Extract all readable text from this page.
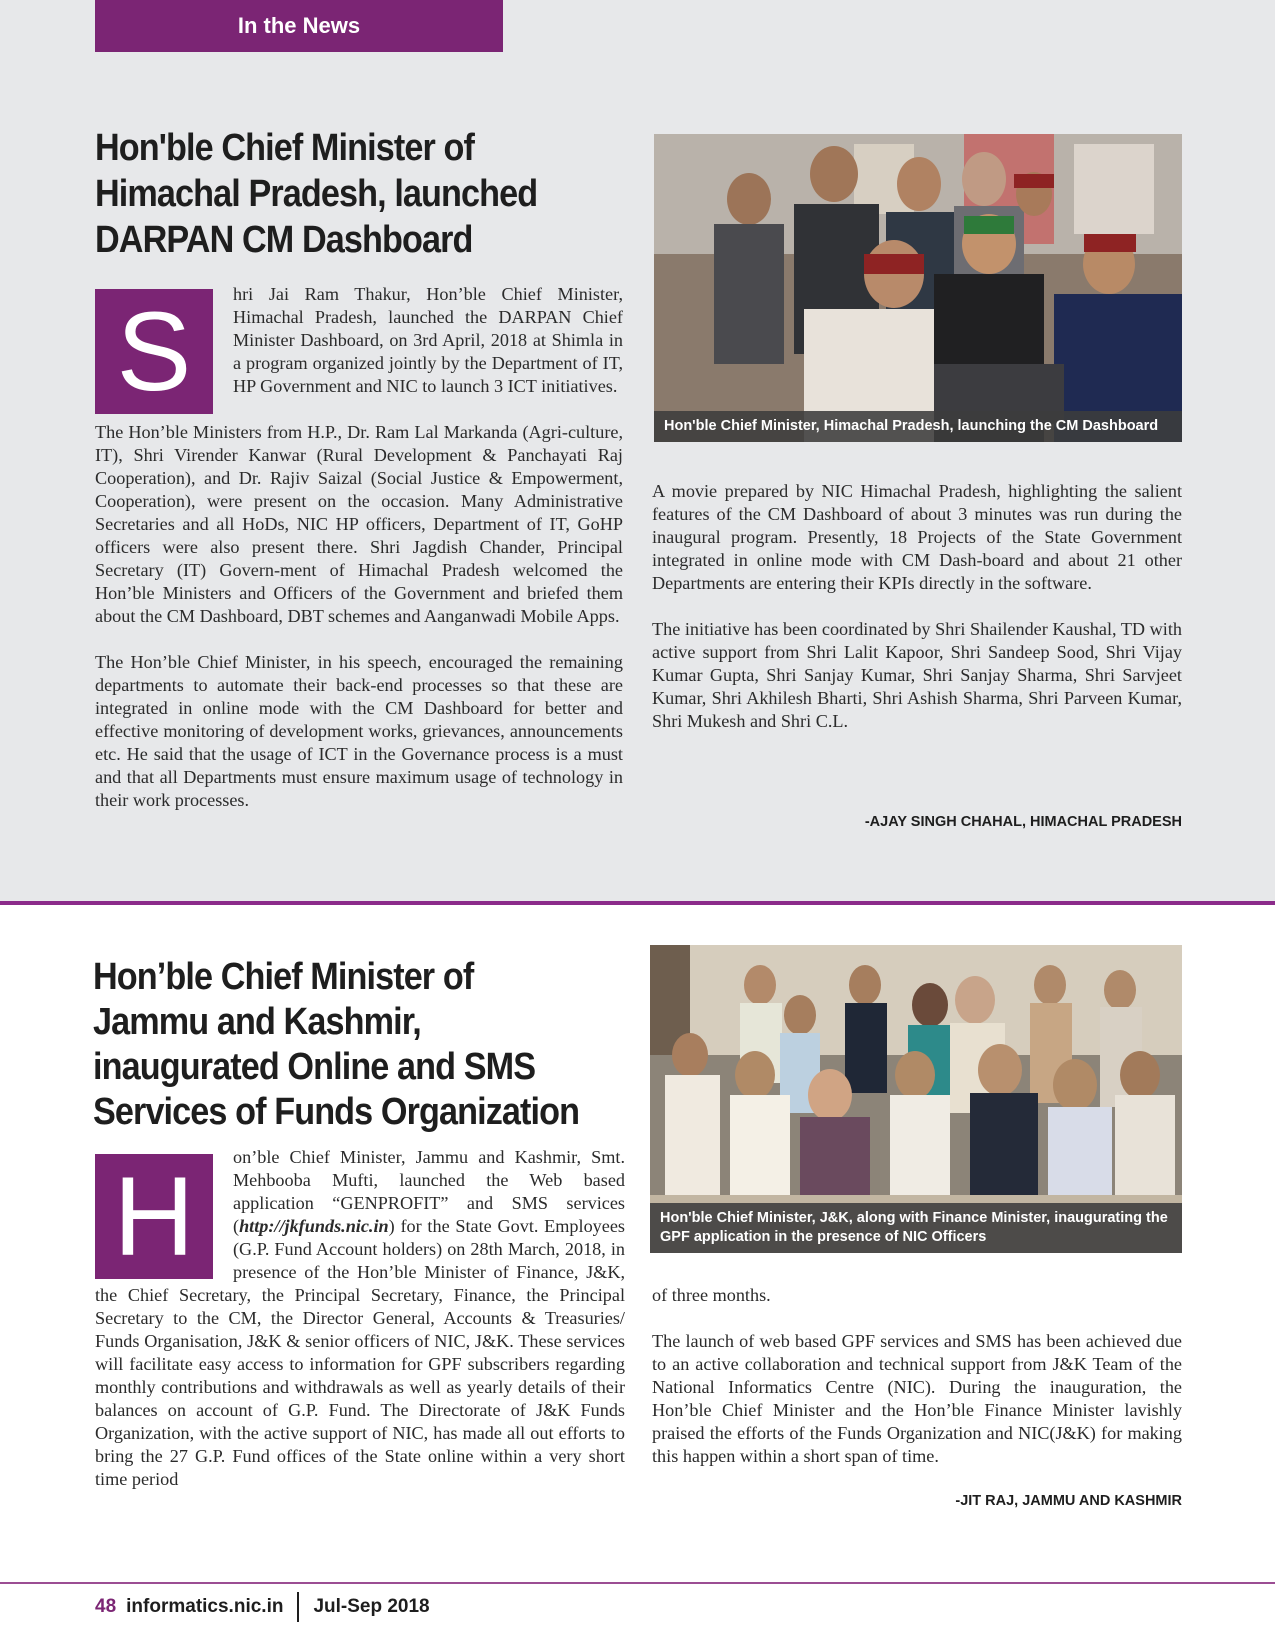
In the News
Hon'ble Chief Minister of Himachal Pradesh, launched DARPAN CM Dashboard

S	hri Jai Ram Thakur, Hon’ble Chief Minister, Himachal Pradesh, launched the DARPAN Chief Minister Dashboard, on 3rd April, 2018 at Shimla in a program organized jointly by the Department of IT, HP Government and NIC to launch 3 ICT initiatives.

The Hon’ble Ministers from H.P., Dr. Ram Lal Markanda (Agri-culture, IT), Shri Virender Kanwar (Rural Development & Panchayati Raj Cooperation), and Dr. Rajiv Saizal (Social Justice & Empowerment, Cooperation), were present on the occasion. Many Administrative Secretaries and all HoDs, NIC HP officers, Department of IT, GoHP officers were also present there. Shri Jagdish Chander, Principal Secretary (IT) Govern-ment of Himachal Pradesh welcomed the Hon’ble Ministers and Officers of the Government and briefed them about the CM Dashboard, DBT schemes and Aanganwadi Mobile Apps.

The Hon’ble Chief Minister, in his speech, encouraged the remaining departments to automate their back-end processes so that these are integrated in online mode with the CM Dashboard for better and effective monitoring of development works, grievances, announcements etc. He said that the usage of ICT in the Governance process is a must and that all Departments must ensure maximum usage of technology in their work processes.

Hon'ble Chief Minister, Himachal Pradesh, launching the CM Dashboard

A movie prepared by NIC Himachal Pradesh, highlighting the salient features of the CM Dashboard of about 3 minutes was run during the inaugural program. Presently, 18 Projects of the State Government integrated in online mode with CM Dash-board and about 21 other Departments are entering their KPIs directly in the software.

The initiative has been coordinated by Shri Shailender Kaushal, TD with active support from Shri Lalit Kapoor, Shri Sandeep Sood, Shri Vijay Kumar Gupta, Shri Sanjay Kumar, Shri Sanjay Sharma, Shri Sarvjeet Kumar, Shri Akhilesh Bharti, Shri Ashish Sharma, Shri Parveen Kumar, Shri Mukesh and Shri C.L.

-AJAY SINGH CHAHAL, HIMACHAL PRADESH
Hon’ble Chief Minister of Jammu and Kashmir, inaugurated Online and SMS Services of Funds Organization

H	on’ble Chief Minister, Jammu and Kashmir, Smt. Mehbooba Mufti, launched the Web based application “GENPROFIT” and SMS services (http://jkfunds.nic.in) for the State Govt. Employees (G.P. Fund Account holders) on 28th March, 2018, in presence of the Hon’ble Minister of Finance, J&K, the Chief Secretary, the Principal Secretary, Finance, the Principal Secretary to the CM, the Director General, Accounts & Treasuries/ Funds Organisation, J&K & senior officers of NIC, J&K. These services will facilitate easy access to information for GPF subscribers regarding monthly contributions and withdrawals as well as yearly details of their balances on account of G.P. Fund. The Directorate of J&K Funds Organization, with the active support of NIC, has made all out efforts to bring the 27 G.P. Fund offices of the State online within a very short time period

Hon'ble Chief Minister, J&K, along with Finance Minister, inaugurating the GPF application in the presence of NIC Officers

of three months.

The launch of web based GPF services and SMS has been achieved due to an active collaboration and technical support from J&K Team of the National Informatics Centre (NIC). During the inauguration, the Hon’ble Chief Minister and the Hon’ble Finance Minister lavishly praised the efforts of the Funds Organization and NIC(J&K) for making this happen within a short span of time.

-JIT RAJ, JAMMU AND KASHMIR
48 informatics.nic.in Jul-Sep 2018
